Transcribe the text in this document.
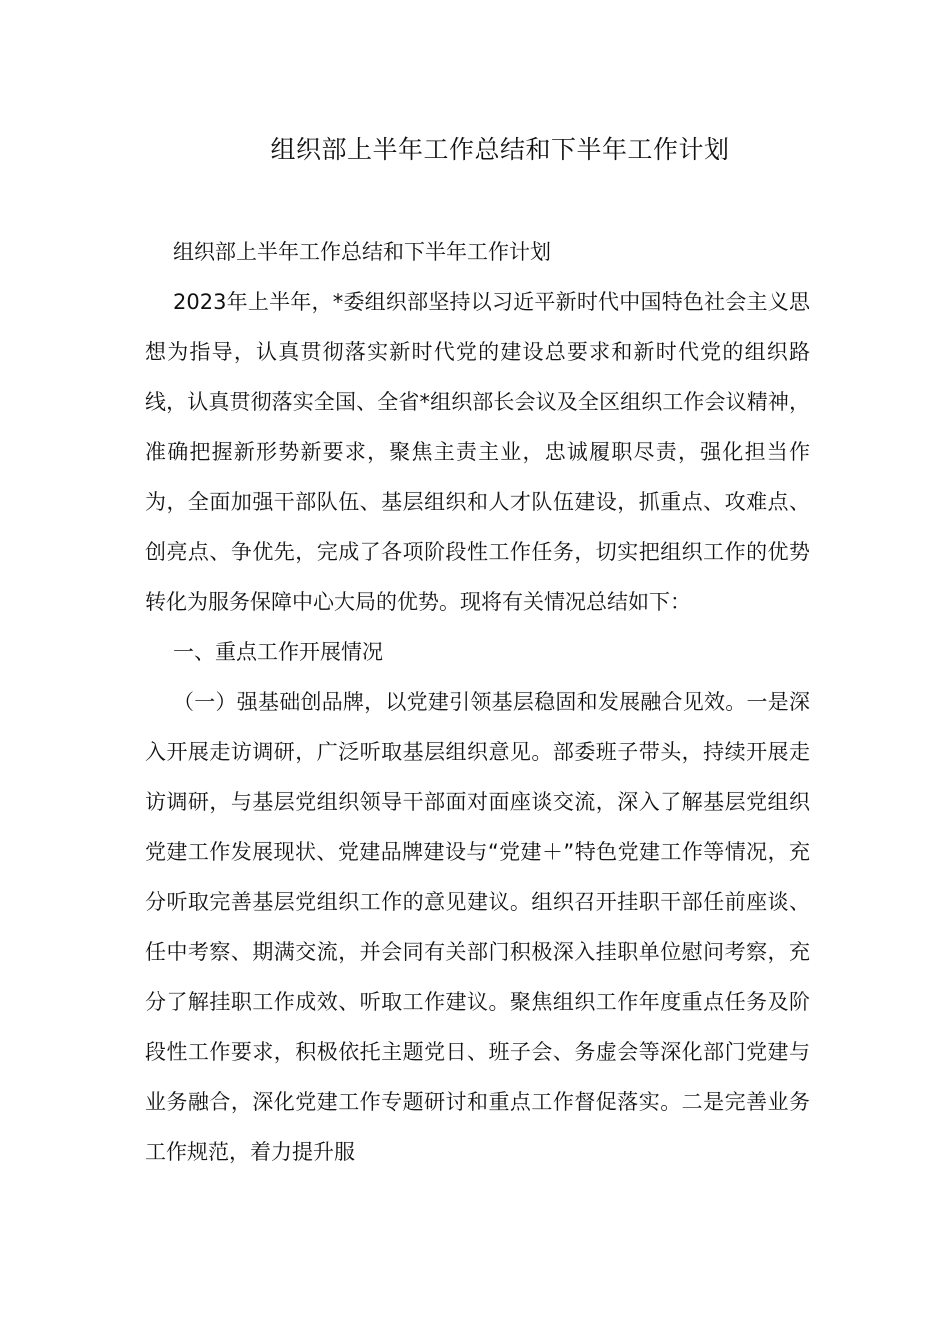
组织部上半年工作总结和下半年工作计划

组织部上半年工作总结和下半年工作计划

2023年上半年，*委组织部坚持以习近平新时代中国特色社会主义思想为指导，认真贯彻落实新时代党的建设总要求和新时代党的组织路线，认真贯彻落实全国、全省*组织部长会议及全区组织工作会议精神，准确把握新形势新要求，聚焦主责主业，忠诚履职尽责，强化担当作为，全面加强干部队伍、基层组织和人才队伍建设，抓重点、攻难点、创亮点、争优先，完成了各项阶段性工作任务，切实把组织工作的优势转化为服务保障中心大局的优势。现将有关情况总结如下：

一、重点工作开展情况

（一）强基础创品牌，以党建引领基层稳固和发展融合见效。一是深入开展走访调研，广泛听取基层组织意见。部委班子带头，持续开展走访调研，与基层党组织领导干部面对面座谈交流，深入了解基层党组织党建工作发展现状、党建品牌建设与“党建＋”特色党建工作等情况，充分听取完善基层党组织工作的意见建议。组织召开挂职干部任前座谈、任中考察、期满交流，并会同有关部门积极深入挂职单位慰问考察，充分了解挂职工作成效、听取工作建议。聚焦组织工作年度重点任务及阶段性工作要求，积极依托主题党日、班子会、务虚会等深化部门党建与业务融合，深化党建工作专题研讨和重点工作督促落实。二是完善业务工作规范，着力提升服
